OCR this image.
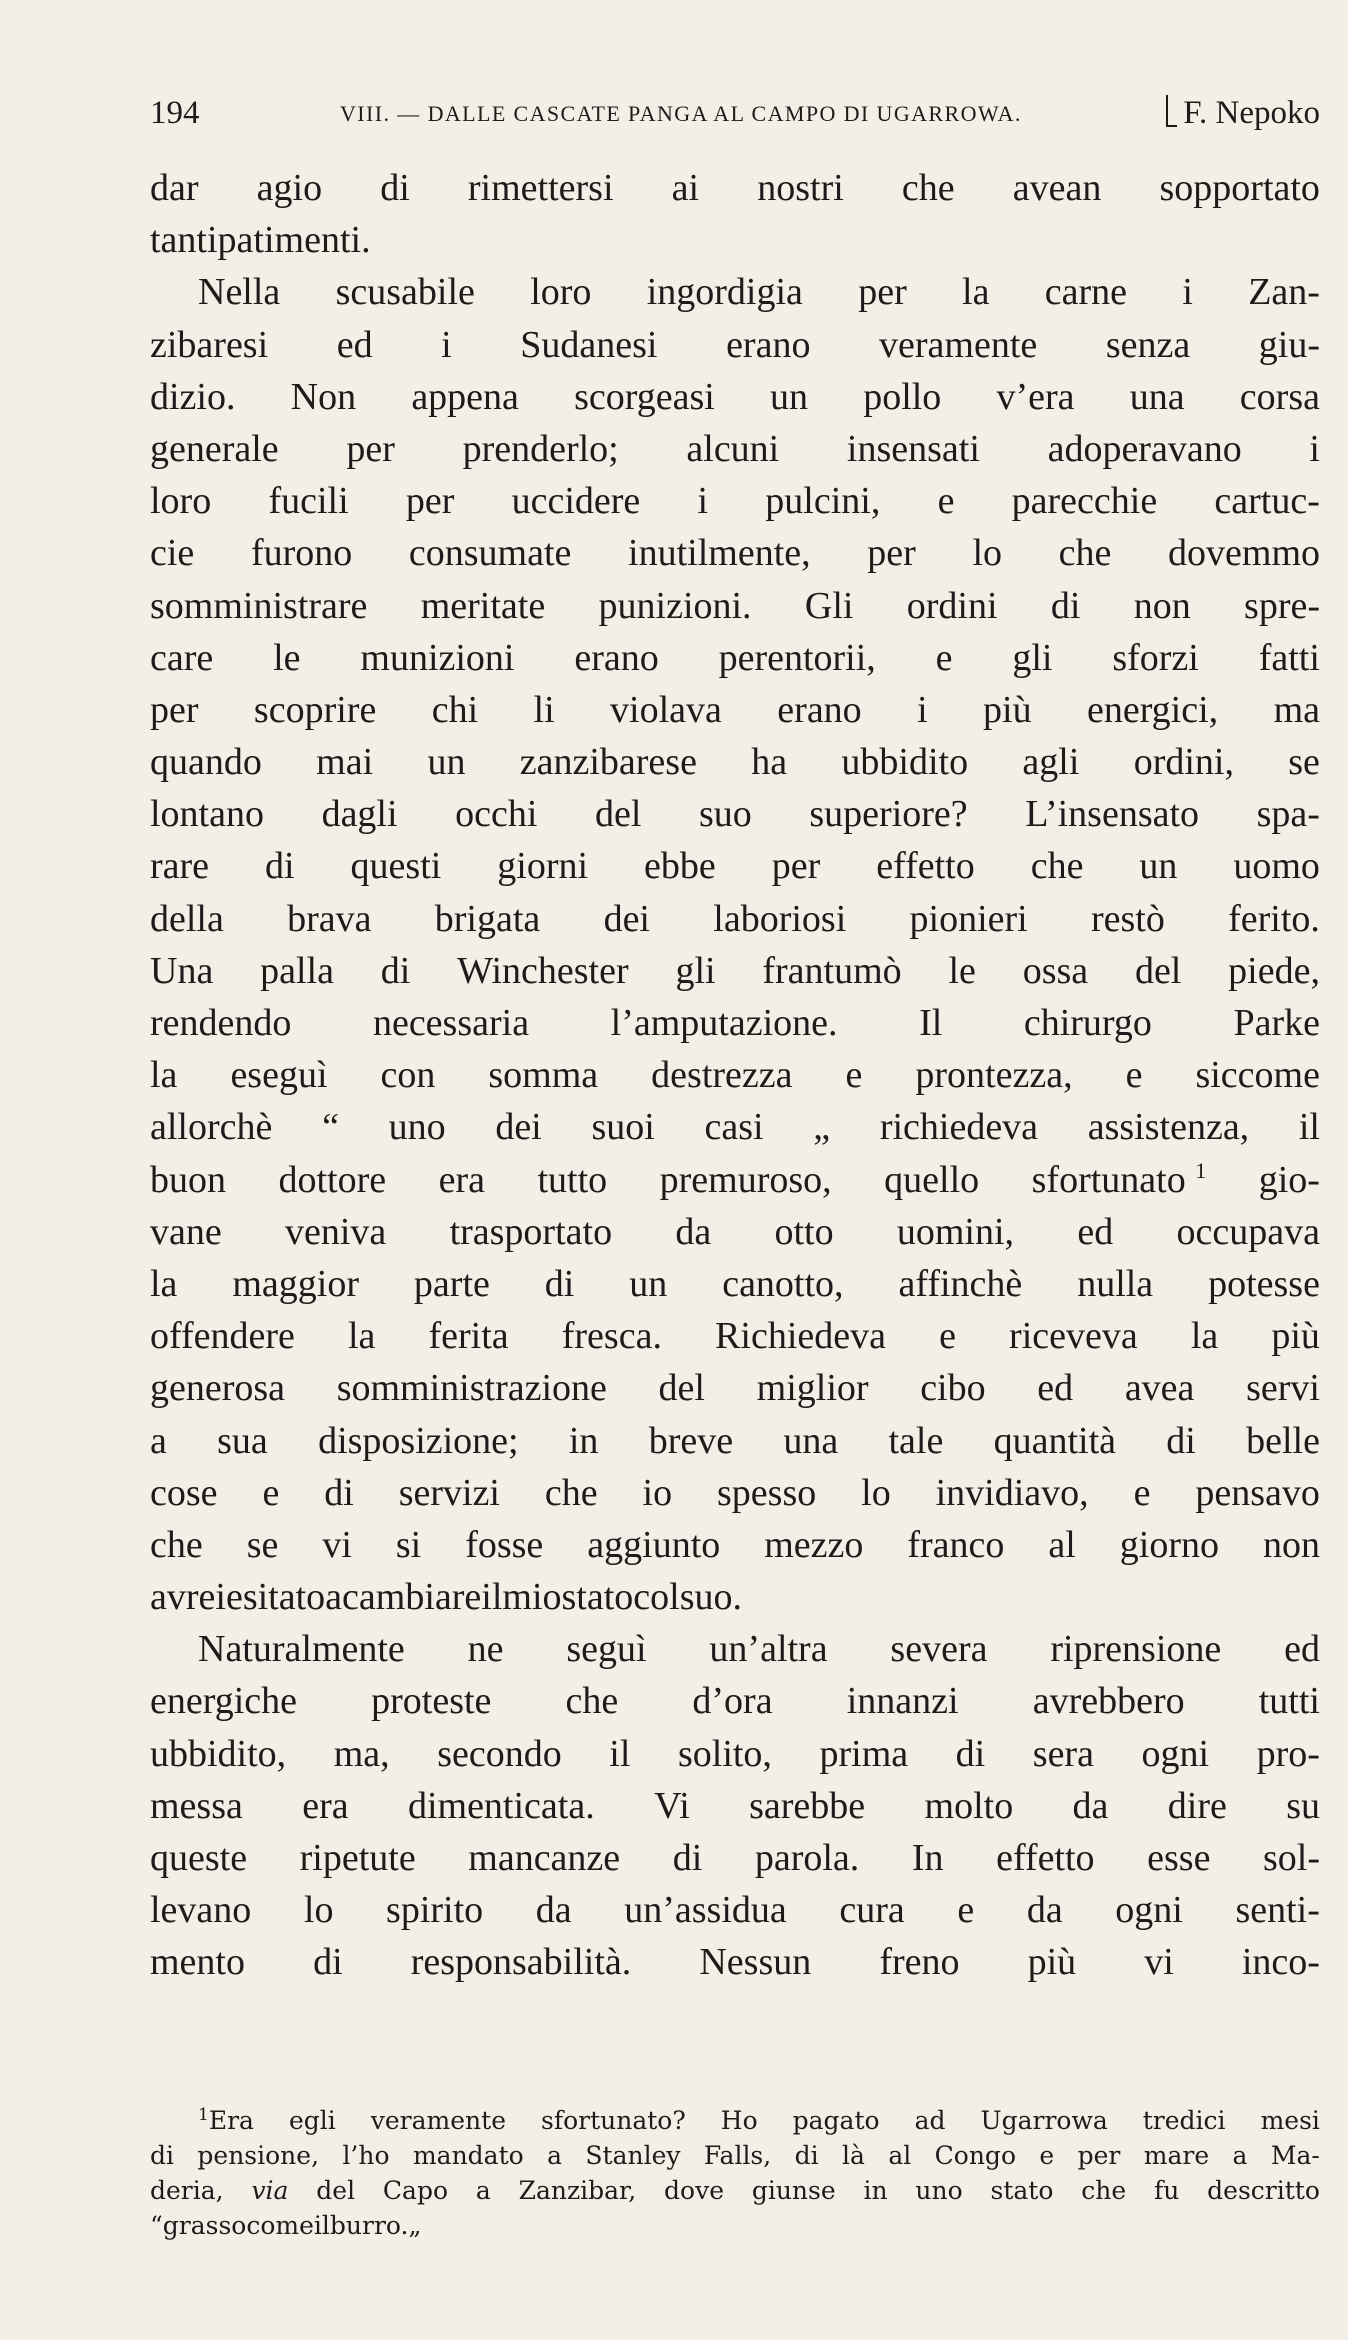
194	VIII. — DALLE CASCATE PANGA AL CAMPO DI UGARROWA.	F. Nepoko
dar agio di rimettersi ai nostri che avean sopportato
tanti patimenti.
Nella scusabile loro ingordigia per la carne i Zan-
zibaresi ed i Sudanesi erano veramente senza giu-
dizio. Non appena scorgeasi un pollo v’era una corsa
generale per prenderlo; alcuni insensati adoperavano i
loro fucili per uccidere i pulcini, e parecchie cartuc-
cie furono consumate inutilmente, per lo che dovemmo
somministrare meritate punizioni. Gli ordini di non spre-
care le munizioni erano perentorii, e gli sforzi fatti
per scoprire chi li violava erano i più energici, ma
quando mai un zanzibarese ha ubbidito agli ordini, se
lontano dagli occhi del suo superiore? L’insensato spa-
rare di questi giorni ebbe per effetto che un uomo
della brava brigata dei laboriosi pionieri restò ferito.
Una palla di Winchester gli frantumò le ossa del piede,
rendendo necessaria l’amputazione. Il chirurgo Parke
la eseguì con somma destrezza e prontezza, e siccome
allorchè “ uno dei suoi casi „ richiedeva assistenza, il
buon dottore era tutto premuroso, quello sfortunato $^1$ gio-
vane veniva trasportato da otto uomini, ed occupava
la maggior parte di un canotto, affinchè nulla potesse
offendere la ferita fresca. Richiedeva e riceveva la più
generosa somministrazione del miglior cibo ed avea servi
a sua disposizione; in breve una tale quantità di belle
cose e di servizi che io spesso lo invidiavo, e pensavo
che se vi si fosse aggiunto mezzo franco al giorno non
avrei esitato a cambiare il mio stato col suo.
Naturalmente ne seguì un’altra severa riprensione ed
energiche proteste che d’ora innanzi avrebbero tutti
ubbidito, ma, secondo il solito, prima di sera ogni pro-
messa era dimenticata. Vi sarebbe molto da dire su
queste ripetute mancanze di parola. In effetto esse sol-
levano lo spirito da un’assidua cura e da ogni senti-
mento di responsabilità. Nessun freno più vi inco-
$^1$Era egli veramente sfortunato? Ho pagato ad Ugarrowa tredici mesi
di pensione, l’ho mandato a Stanley Falls, di là al Congo e per mare a Ma-
deria, via del Capo a Zanzibar, dove giunse in uno stato che fu descritto
“ grasso come il burro. „
